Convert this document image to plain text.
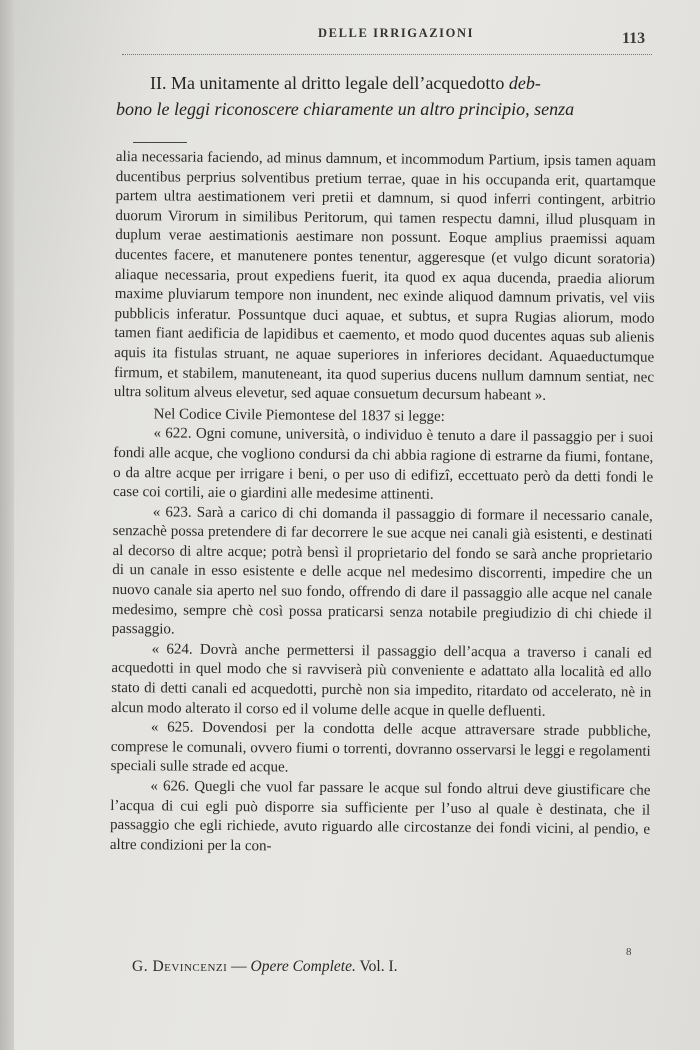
DELLE IRRIGAZIONI	113
II. Ma unitamente al dritto legale dell’acquedotto deb-
bono le leggi riconoscere chiaramente un altro principio, senza

alia necessaria faciendo, ad minus damnum, et incommodum Partium, ipsis tamen aquam ducentibus perprius solventibus pretium terrae, quae in his occupanda erit, quartamque partem ultra aestimationem veri pretii et damnum, si quod inferri contingent, arbitrio duorum Virorum in similibus Peritorum, qui tamen respectu damni, illud plusquam in duplum verae aestimationis aestimare non possunt. Eoque amplius praemissi aquam ducentes facere, et manutenere pontes tenentur, aggeresque (et vulgo dicunt soratoria) aliaque necessaria, prout expediens fuerit, ita quod ex aqua ducenda, praedia aliorum maxime pluviarum tempore non inundent, nec exinde aliquod damnum privatis, vel viis pubblicis inferatur. Possuntque duci aquae, et subtus, et supra Rugias aliorum, modo tamen fiant aedificia de lapidibus et caemento, et modo quod ducentes aquas sub alienis aquis ita fistulas struant, ne aquae superiores in inferiores decidant. Aquaeductumque firmum, et stabilem, manuteneant, ita quod superius ducens nullum damnum sentiat, nec ultra solitum alveus elevetur, sed aquae consuetum decursum habeant ».

Nel Codice Civile Piemontese del 1837 si legge:

« 622. Ogni comune, università, o individuo è tenuto a dare il passaggio per i suoi fondi alle acque, che vogliono condursi da chi abbia ragione di estrarne da fiumi, fontane, o da altre acque per irrigare i beni, o per uso di edifizî, eccettuato però da detti fondi le case coi cortili, aie o giardini alle medesime attinenti.

« 623. Sarà a carico di chi domanda il passaggio di formare il necessario canale, senzachè possa pretendere di far decorrere le sue acque nei canali già esistenti, e destinati al decorso di altre acque; potrà bensì il proprietario del fondo se sarà anche proprietario di un canale in esso esistente e delle acque nel medesimo discorrenti, impedire che un nuovo canale sia aperto nel suo fondo, offrendo di dare il passaggio alle acque nel canale medesimo, sempre chè così possa praticarsi senza notabile pregiudizio di chi chiede il passaggio.

« 624. Dovrà anche permettersi il passaggio dell’acqua a traverso i canali ed acquedotti in quel modo che si ravviserà più conveniente e adattato alla località ed allo stato di detti canali ed acquedotti, purchè non sia impedito, ritardato od accelerato, nè in alcun modo alterato il corso ed il volume delle acque in quelle defluenti.

« 625. Dovendosi per la condotta delle acque attraversare strade pubbliche, comprese le comunali, ovvero fiumi o torrenti, dovranno osservarsi le leggi e regolamenti speciali sulle strade ed acque.

« 626. Quegli che vuol far passare le acque sul fondo altrui deve giustificare che l’acqua di cui egli può disporre sia sufficiente per l’uso al quale è destinata, che il passaggio che egli richiede, avuto riguardo alle circostanze dei fondi vicini, al pendio, e altre condizioni per la con-

8
G. Devincenzi — Opere Complete. Vol. I.
